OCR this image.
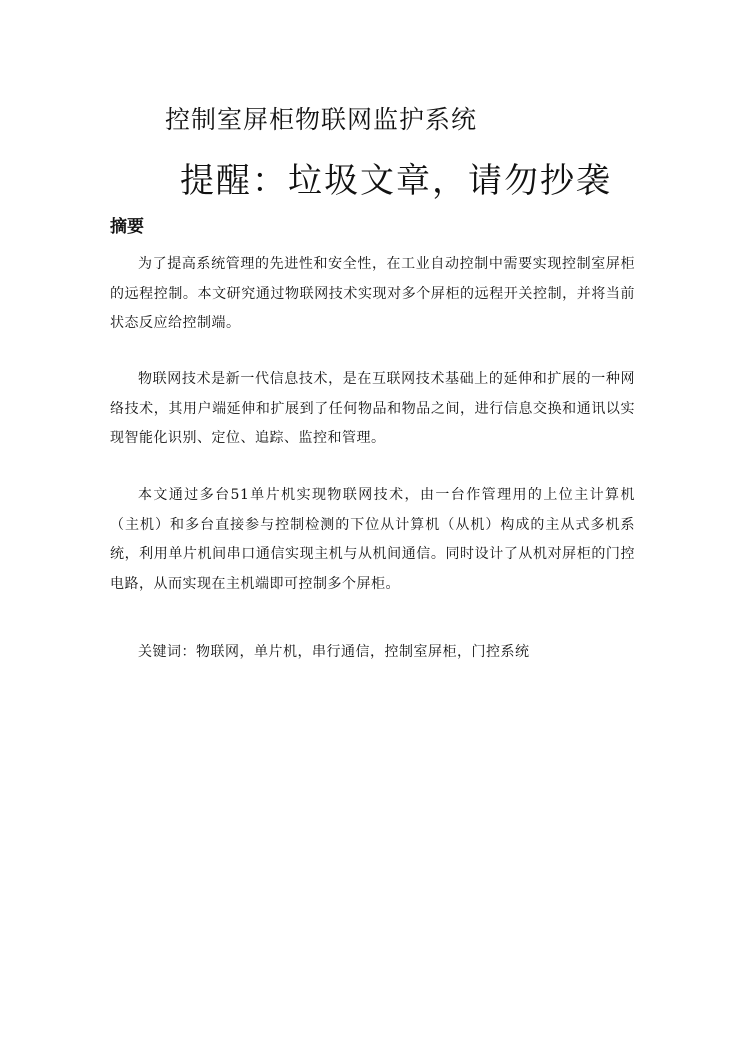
控制室屏柜物联网监护系统
提醒：垃圾文章，请勿抄袭
摘要

为了提高系统管理的先进性和安全性，在工业自动控制中需要实现控制室屏柜的远程控制。本文研究通过物联网技术实现对多个屏柜的远程开关控制，并将当前状态反应给控制端。

物联网技术是新一代信息技术，是在互联网技术基础上的延伸和扩展的一种网络技术，其用户端延伸和扩展到了任何物品和物品之间，进行信息交换和通讯以实现智能化识别、定位、追踪、监控和管理。

本文通过多台51单片机实现物联网技术，由一台作管理用的上位主计算机（主机）和多台直接参与控制检测的下位从计算机（从机）构成的主从式多机系统，利用单片机间串口通信实现主机与从机间通信。同时设计了从机对屏柜的门控电路，从而实现在主机端即可控制多个屏柜。

关键词：物联网，单片机，串行通信，控制室屏柜，门控系统
